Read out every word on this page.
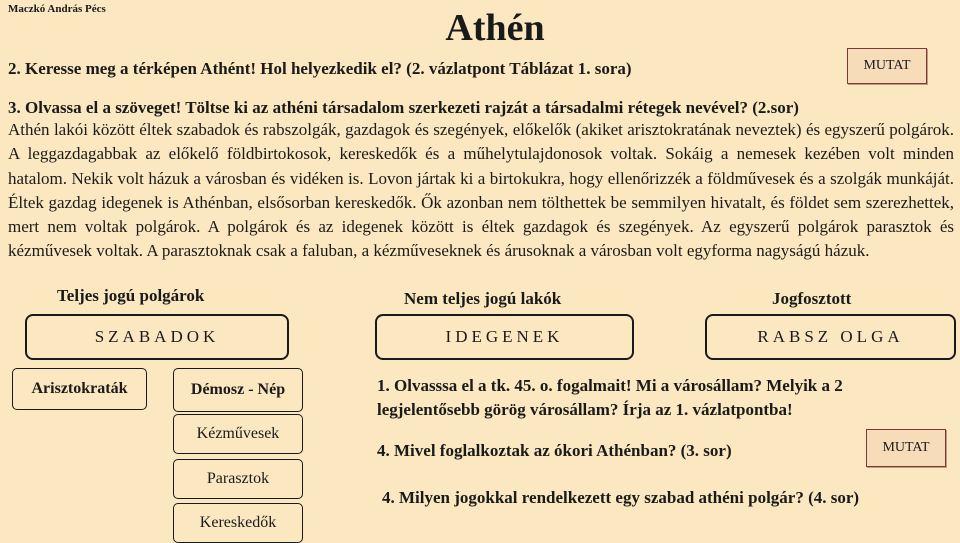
Maczkó András Pécs	Athén
2. Keresse meg a térképen Athént! Hol helyezkedik el? (2. vázlatpont Táblázat 1. sora)	MUTAT
3. Olvassa el a szöveget! Töltse ki az athéni társadalom szerkezeti rajzát a társadalmi rétegek nevével? (2.sor)
Athén lakói között éltek szabadok és rabszolgák, gazdagok és szegények, előkelők (akiket arisztokratának neveztek) és egyszerű polgárok. A leggazdagabbak az előkelő földbirtokosok, kereskedők és a műhelytulajdonosok voltak. Sokáig a nemesek kezében volt minden hatalom. Nekik volt házuk a városban és vidéken is. Lovon jártak ki a birtokukra, hogy ellenőrizzék a földművesek és a szolgák munkáját. Éltek gazdag idegenek is Athénban, elsősorban kereskedők. Ők azonban nem tölthettek be semmilyen hivatalt, és földet sem szerezhettek, mert nem voltak polgárok. A polgárok és az idegenek között is éltek gazdagok és szegények. Az egyszerű polgárok parasztok és kézművesek voltak. A parasztoknak csak a faluban, a kézműveseknek és árusoknak a városban volt egyforma nagyságú házuk.
Teljes jogú polgárok	Nem teljes jogú lakók	Jogfosztott
SZABADOK	IDEGENEK	RABSZ OLGA
Arisztokraták	Démosz - Nép
Kézművesek
Parasztok
Kereskedők
1. Olvasssa el a tk. 45. o. fogalmait! Mi a városállam? Melyik a 2 legjelentősebb görög városállam? Írja az 1. vázlatpontba!
4. Mivel foglalkoztak az ókori Athénban? (3. sor)	MUTAT
4. Milyen jogokkal rendelkezett egy szabad athéni polgár? (4. sor)
